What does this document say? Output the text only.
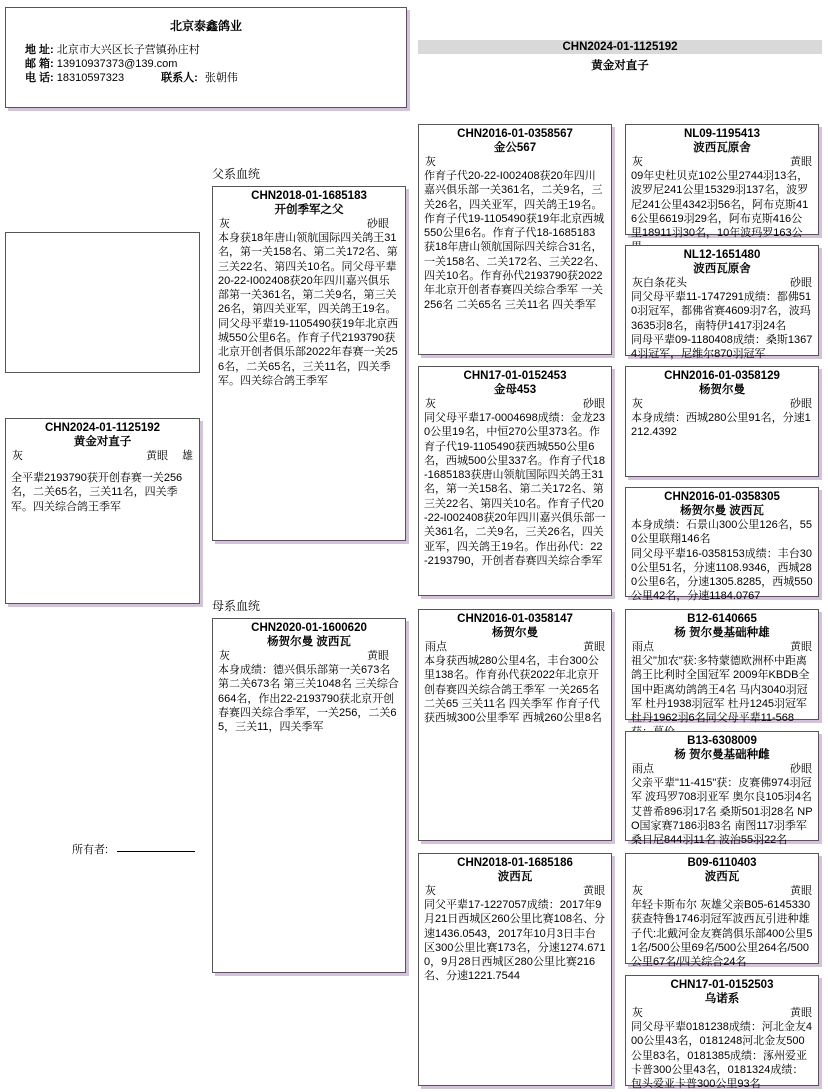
北京泰鑫鸽业
地 址: 北京市大兴区长子营镇孙庄村
邮 箱: 13910937373@139.com
电 话: 18310597323	联系人: 张朝伟
CHN2024-01-1125192
黄金对直子
父系血统
母系血统
所有者:
CHN2024-01-1125192
黄金对直子
灰	黄眼 雄
全平辈2193790获开创春赛一关256名，二关65名，三关11名，四关季军。四关综合鸽王季军
CHN2018-01-1685183
开创季军之父
灰	砂眼
本身获18年唐山领航国际四关鸽王31名，第一关158名、第二关172名、第三关22名、第四关10名。同父母平辈20-22-I002408获20年四川嘉兴俱乐部第一关361名，第二关9名，第三关26名，第四关亚军，四关鸽王19名。同父母平辈19-1105490获19年北京西城550公里6名。作育子代2193790获北京开创者俱乐部2022年春赛一关256名，二关65名，三关11名，四关季军。四关综合鸽王季军
CHN2020-01-1600620
杨贺尔曼 波西瓦
灰	黄眼
本身成绩：德兴俱乐部第一关673名 第二关673名 第三关1048名 三关综合664名，作出22-2193790获北京开创春赛四关综合季军，一关256，二关65，三关11，四关季军
CHN2016-01-0358567
金公567
灰
作育子代20-22-I002408获20年四川嘉兴俱乐部一关361名，二关9名，三关26名，四关亚军，四关鸽王19名。作育子代19-1105490获19年北京西城550公里6名。作育子代18-1685183获18年唐山领航国际四关综合31名，一关158名、二关172名、三关22名、四关10名。作育孙代2193790获2022年北京开创者春赛四关综合季军 一关256名 二关65名 三关11名 四关季军
CHN17-01-0152453
金母453
灰	砂眼
同父母平辈17-0004698成绩：金龙230公里19名，中恒270公里373名。作育子代19-1105490获西城550公里6名，西城500公里337名。作育子代18-1685183获唐山领航国际四关鸽王31名，第一关158名、第二关172名、第三关22名、第四关10名。作育子代20-22-I002408获20年四川嘉兴俱乐部一关361名，二关9名，三关26名，四关亚军，四关鸽王19名。作出孙代：22-2193790，开创者春赛四关综合季军
CHN2016-01-0358147
杨贺尔曼
雨点	黄眼
本身获西城280公里4名，丰台300公里138名。作育孙代获2022年北京开创春赛四关综合鸽王季军 一关265名 二关65 三关11名 四关季军 作育子代获西城300公里季军 西城260公里8名
CHN2018-01-1685186
波西瓦
灰	黄眼
同父平辈17-1227057成绩：2017年9月21日西城区260公里比赛108名、分速1436.0543，2017年10月3日丰台区300公里比赛173名，分速1274.6710，9月28日西城区280公里比赛216名、分速1221.7544
NL09-1195413
波西瓦原舍
灰	黄眼
09年史杜贝克102公里2744羽13名，波罗尼241公里15329羽137名，波罗尼241公里4342羽56名，阿布克斯416公里6619羽29名，阿布克斯416公里18911羽30名，10年波玛罗163公
NL12-1651480
波西瓦原舍
灰白条花头	砂眼
同父母平辈11-1747291成绩：都佛510羽冠军，都佛省赛4609羽7名，波玛3635羽8名，南特伊1417羽24名
同母平辈09-1180408成绩：桑斯13674羽冠军，尼维尔870羽冠军
CHN2016-01-0358129
杨贺尔曼
灰	砂眼
本身成绩：西城280公里91名，分速1212.4392
CHN2016-01-0358305
杨贺尔曼 波西瓦
本身成绩：石景山300公里126名，550公里联翔146名
同父母平辈16-0358153成绩：丰台300公里51名，分速1108.9346，西城280公里6名，分速1305.8285，西城550公里42名，分速1184.0767
B12-6140665
杨 贺尔曼基础种雄
雨点	黄眼
祖父"加农"获:多特蒙德欧洲杯中距离鸽王比利时全国冠军 2009年KBDB全国中距离幼鸽鸽王4名 马内3040羽冠军 杜丹1938羽冠军 杜丹1245羽冠军 杜丹1962羽6名同父母平辈11-568
B13-6308009
杨 贺尔曼基础种雌
雨点	砂眼
父亲平辈"11-415"获：皮赛佛974羽冠军 波玛罗708羽亚军 奥尔良105羽4名 艾普希896羽17名 桑斯501羽28名 NPO国家赛7186羽83名 南图117羽季军 桑日尼844羽11名 波治55羽22名
B09-6110403
波西瓦
灰	黄眼
年轻卡斯布尔 灰雄父亲B05-6145330获查特鲁1746羽冠军波西瓦引进种雄子代:北戴河金友赛鸽俱乐部400公里51名/500公里69名/500公里264名/500公里67名/四关综合24名
CHN17-01-0152503
乌诺系
灰	黄眼
同父母平辈0181238成绩：河北金友400公里43名，0181248河北金友500公里83名，0181385成绩：涿州爱亚卡普300公里43名，0181324成绩：包头爱亚卡普300公里93名
